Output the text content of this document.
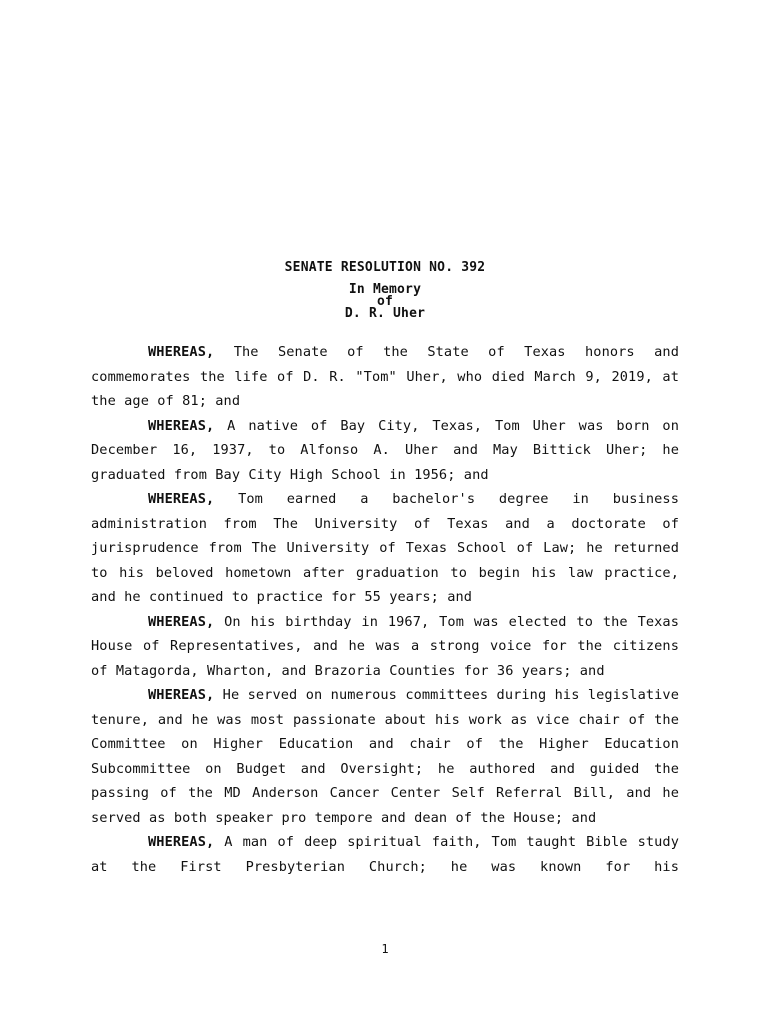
SENATE RESOLUTION NO. 392
In Memory
of
D. R. Uher

WHEREAS, The Senate of the State of Texas honors and commemorates the life of D. R. "Tom" Uher, who died March 9, 2019, at the age of 81; and

WHEREAS, A native of Bay City, Texas, Tom Uher was born on December 16, 1937, to Alfonso A. Uher and May Bittick Uher; he graduated from Bay City High School in 1956; and

WHEREAS, Tom earned a bachelor's degree in business administration from The University of Texas and a doctorate of jurisprudence from The University of Texas School of Law; he returned to his beloved hometown after graduation to begin his law practice, and he continued to practice for 55 years; and

WHEREAS, On his birthday in 1967, Tom was elected to the Texas House of Representatives, and he was a strong voice for the citizens of Matagorda, Wharton, and Brazoria Counties for 36 years; and

WHEREAS, He served on numerous committees during his legislative tenure, and he was most passionate about his work as vice chair of the Committee on Higher Education and chair of the Higher Education Subcommittee on Budget and Oversight; he authored and guided the passing of the MD Anderson Cancer Center Self Referral Bill, and he served as both speaker pro tempore and dean of the House; and

WHEREAS, A man of deep spiritual faith, Tom taught Bible study at the First Presbyterian Church; he was known for his

1
